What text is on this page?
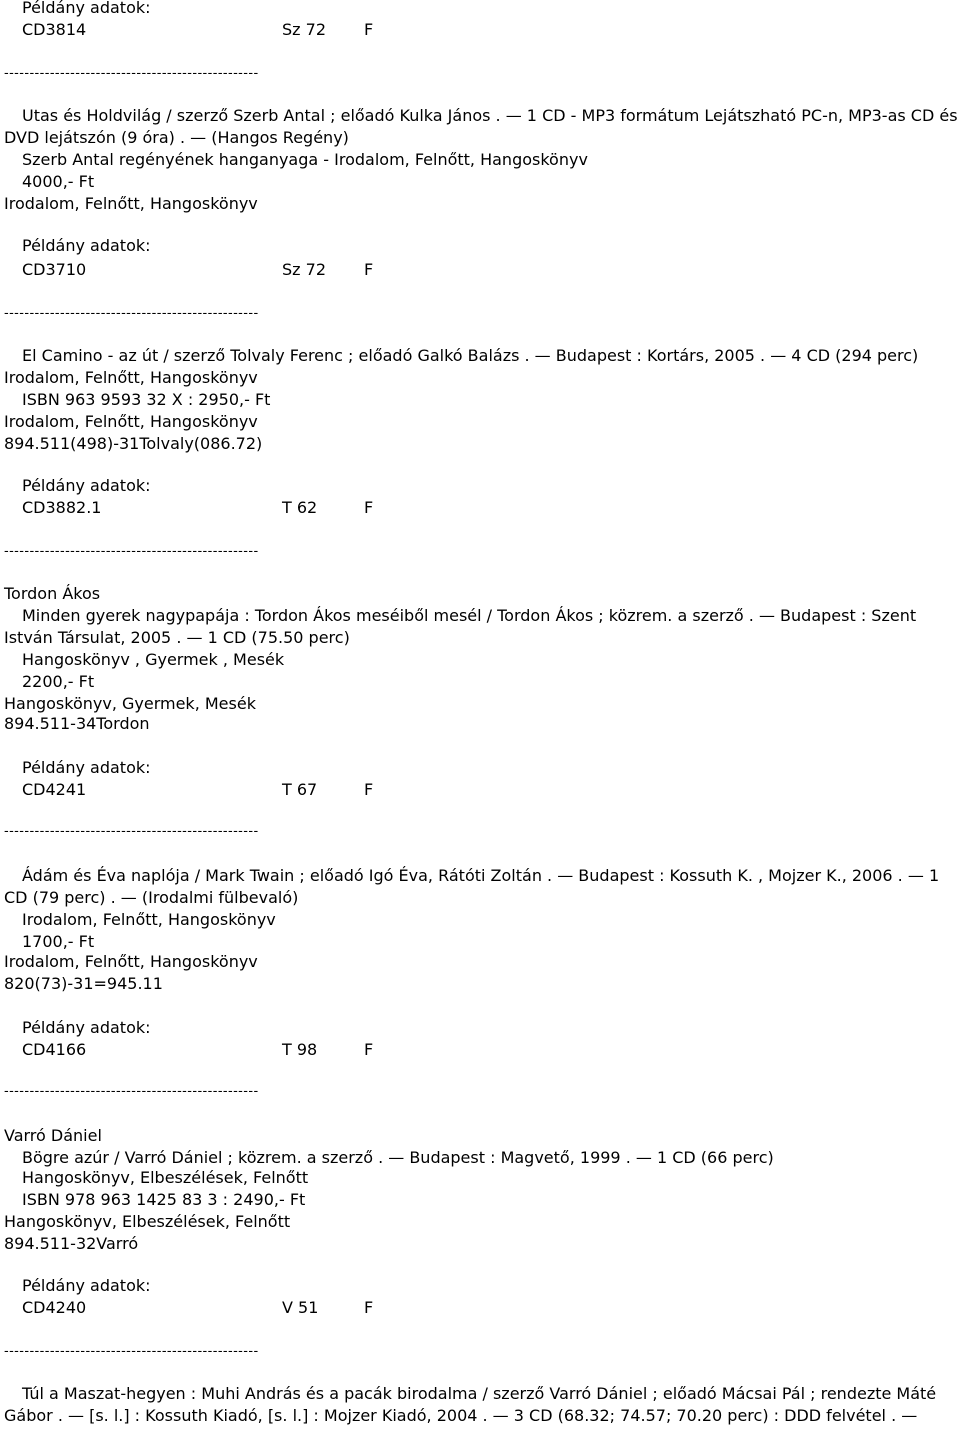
Példány adatok:
CD3814	Sz 72 F
--------------------------------------------------
Utas és Holdvilág / szerző Szerb Antal ; előadó Kulka János . — 1 CD - MP3 formátum Lejátszható PC-n, MP3-as CD és
DVD lejátszón (9 óra) . — (Hangos Regény)
Szerb Antal regényének hanganyaga - Irodalom, Felnőtt, Hangoskönyv
4000,- Ft
Irodalom, Felnőtt, Hangoskönyv
Példány adatok:
CD3710	Sz 72 F
--------------------------------------------------
El Camino - az út / szerző Tolvaly Ferenc ; előadó Galkó Balázs . — Budapest : Kortárs, 2005 . — 4 CD (294 perc)
Irodalom, Felnőtt, Hangoskönyv
ISBN 963 9593 32 X : 2950,- Ft
Irodalom, Felnőtt, Hangoskönyv
894.511(498)-31Tolvaly(086.72)
Példány adatok:
CD3882.1	T 62	F
--------------------------------------------------
Tordon Ákos
Minden gyerek nagypapája : Tordon Ákos meséiből mesél / Tordon Ákos ; közrem. a szerző . — Budapest : Szent
István Társulat, 2005 . — 1 CD (75.50 perc)
Hangoskönyv , Gyermek , Mesék
2200,- Ft
Hangoskönyv, Gyermek, Mesék
894.511-34Tordon
Példány adatok:
CD4241	T 67	F
--------------------------------------------------
Ádám és Éva naplója / Mark Twain ; előadó Igó Éva, Rátóti Zoltán . — Budapest : Kossuth K. , Mojzer K., 2006 . — 1
CD (79 perc) . — (Irodalmi fülbevaló)
Irodalom, Felnőtt, Hangoskönyv
1700,- Ft
Irodalom, Felnőtt, Hangoskönyv
820(73)-31=945.11
Példány adatok:
CD4166	T 98	F
--------------------------------------------------
Varró Dániel
Bögre azúr / Varró Dániel ; közrem. a szerző . — Budapest : Magvető, 1999 . — 1 CD (66 perc)
Hangoskönyv, Elbeszélések, Felnőtt
ISBN 978 963 1425 83 3 : 2490,- Ft
Hangoskönyv, Elbeszélések, Felnőtt
894.511-32Varró
Példány adatok:
CD4240	V 51	F
--------------------------------------------------
Túl a Maszat-hegyen : Muhi András és a pacák birodalma / szerző Varró Dániel ; előadó Mácsai Pál ; rendezte Máté
Gábor . — [s. l.] : Kossuth Kiadó, [s. l.] : Mojzer Kiadó, 2004 . — 3 CD (68.32; 74.57; 70.20 perc) : DDD felvétel . —
